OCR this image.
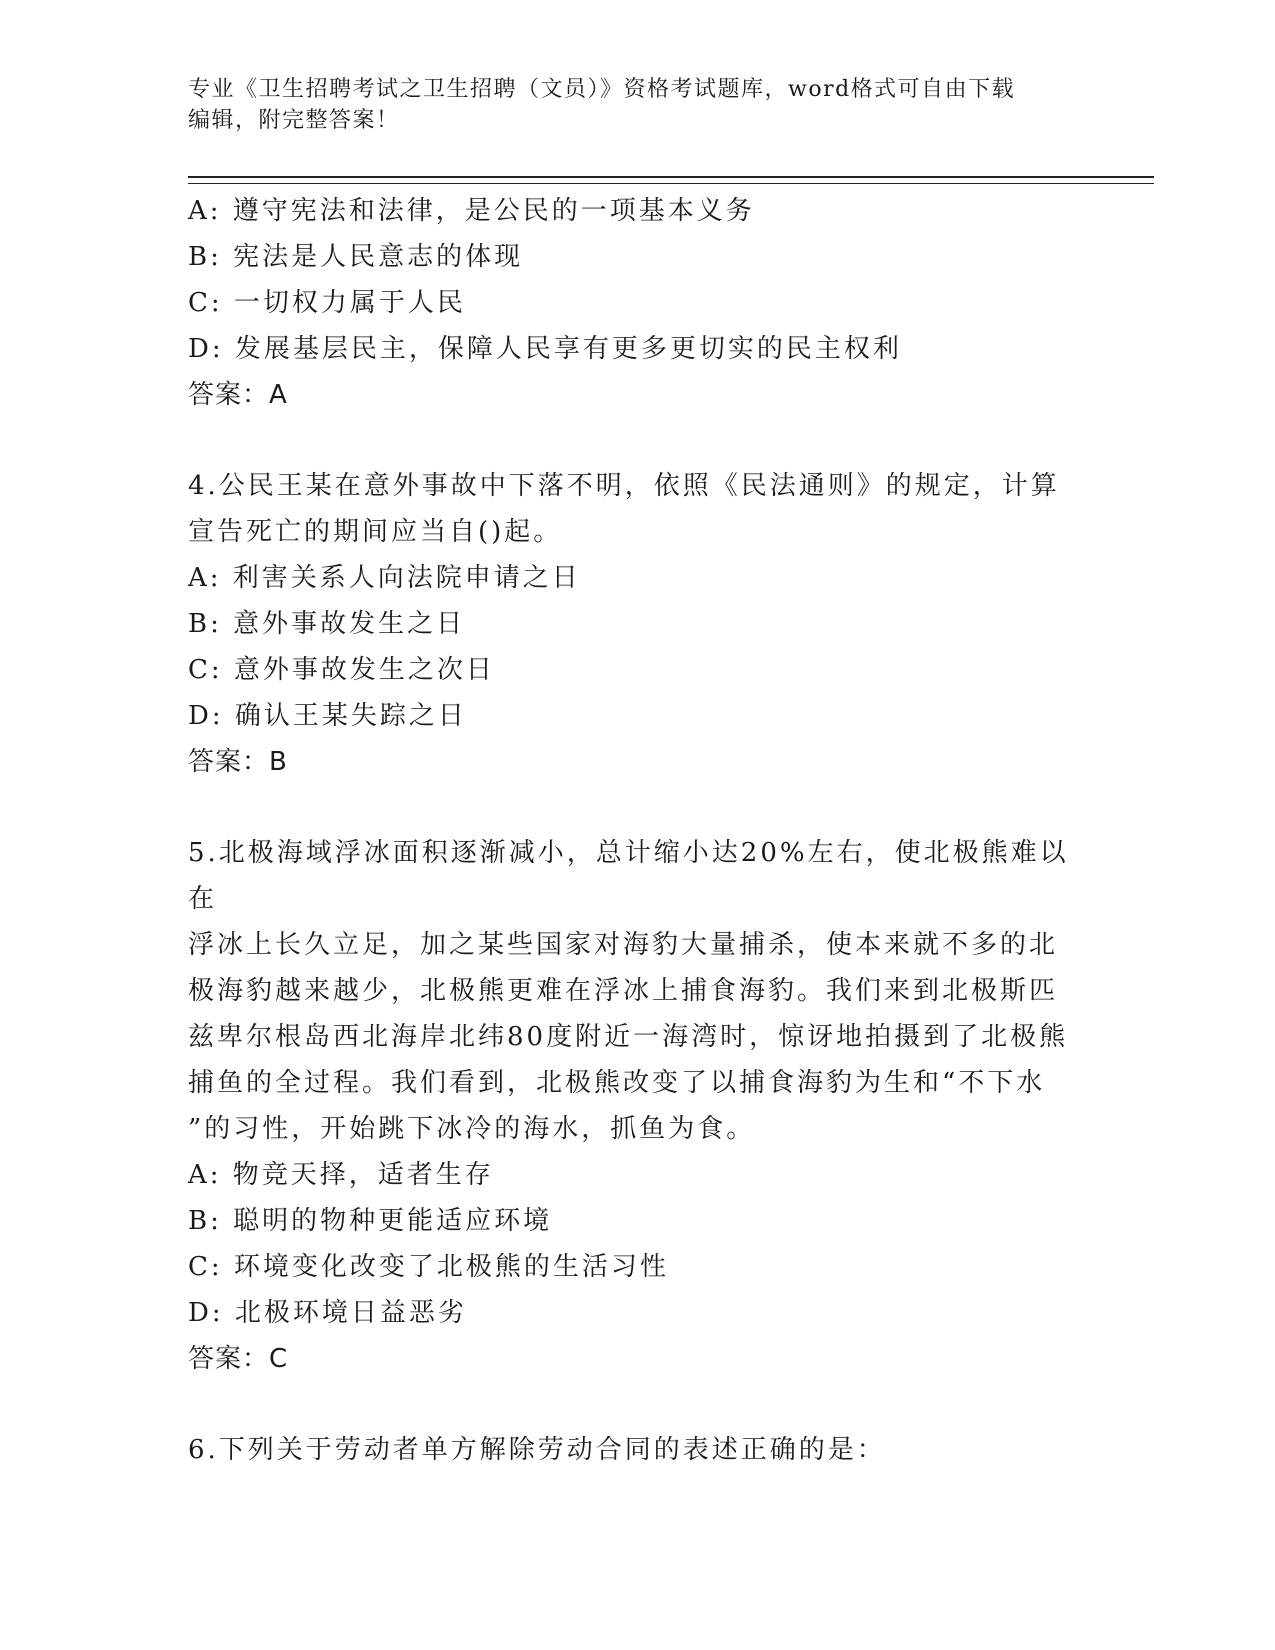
专业《卫生招聘考试之卫生招聘（文员）》资格考试题库，word格式可自由下载
编辑，附完整答案！
A: 遵守宪法和法律，是公民的一项基本义务
B: 宪法是人民意志的体现
C: 一切权力属于人民
D: 发展基层民主，保障人民享有更多更切实的民主权利
答案：A
4.公民王某在意外事故中下落不明，依照《民法通则》的规定，计算
宣告死亡的期间应当自()起。
A: 利害关系人向法院申请之日
B: 意外事故发生之日
C: 意外事故发生之次日
D: 确认王某失踪之日
答案：B
5.北极海域浮冰面积逐渐减小，总计缩小达20%左右，使北极熊难以在
浮冰上长久立足，加之某些国家对海豹大量捕杀，使本来就不多的北
极海豹越来越少，北极熊更难在浮冰上捕食海豹。我们来到北极斯匹
兹卑尔根岛西北海岸北纬80度附近一海湾时，惊讶地拍摄到了北极熊
捕鱼的全过程。我们看到，北极熊改变了以捕食海豹为生和“不下水
”的习性，开始跳下冰冷的海水，抓鱼为食。
A: 物竞天择，适者生存
B: 聪明的物种更能适应环境
C: 环境变化改变了北极熊的生活习性
D: 北极环境日益恶劣
答案：C
6.下列关于劳动者单方解除劳动合同的表述正确的是：
